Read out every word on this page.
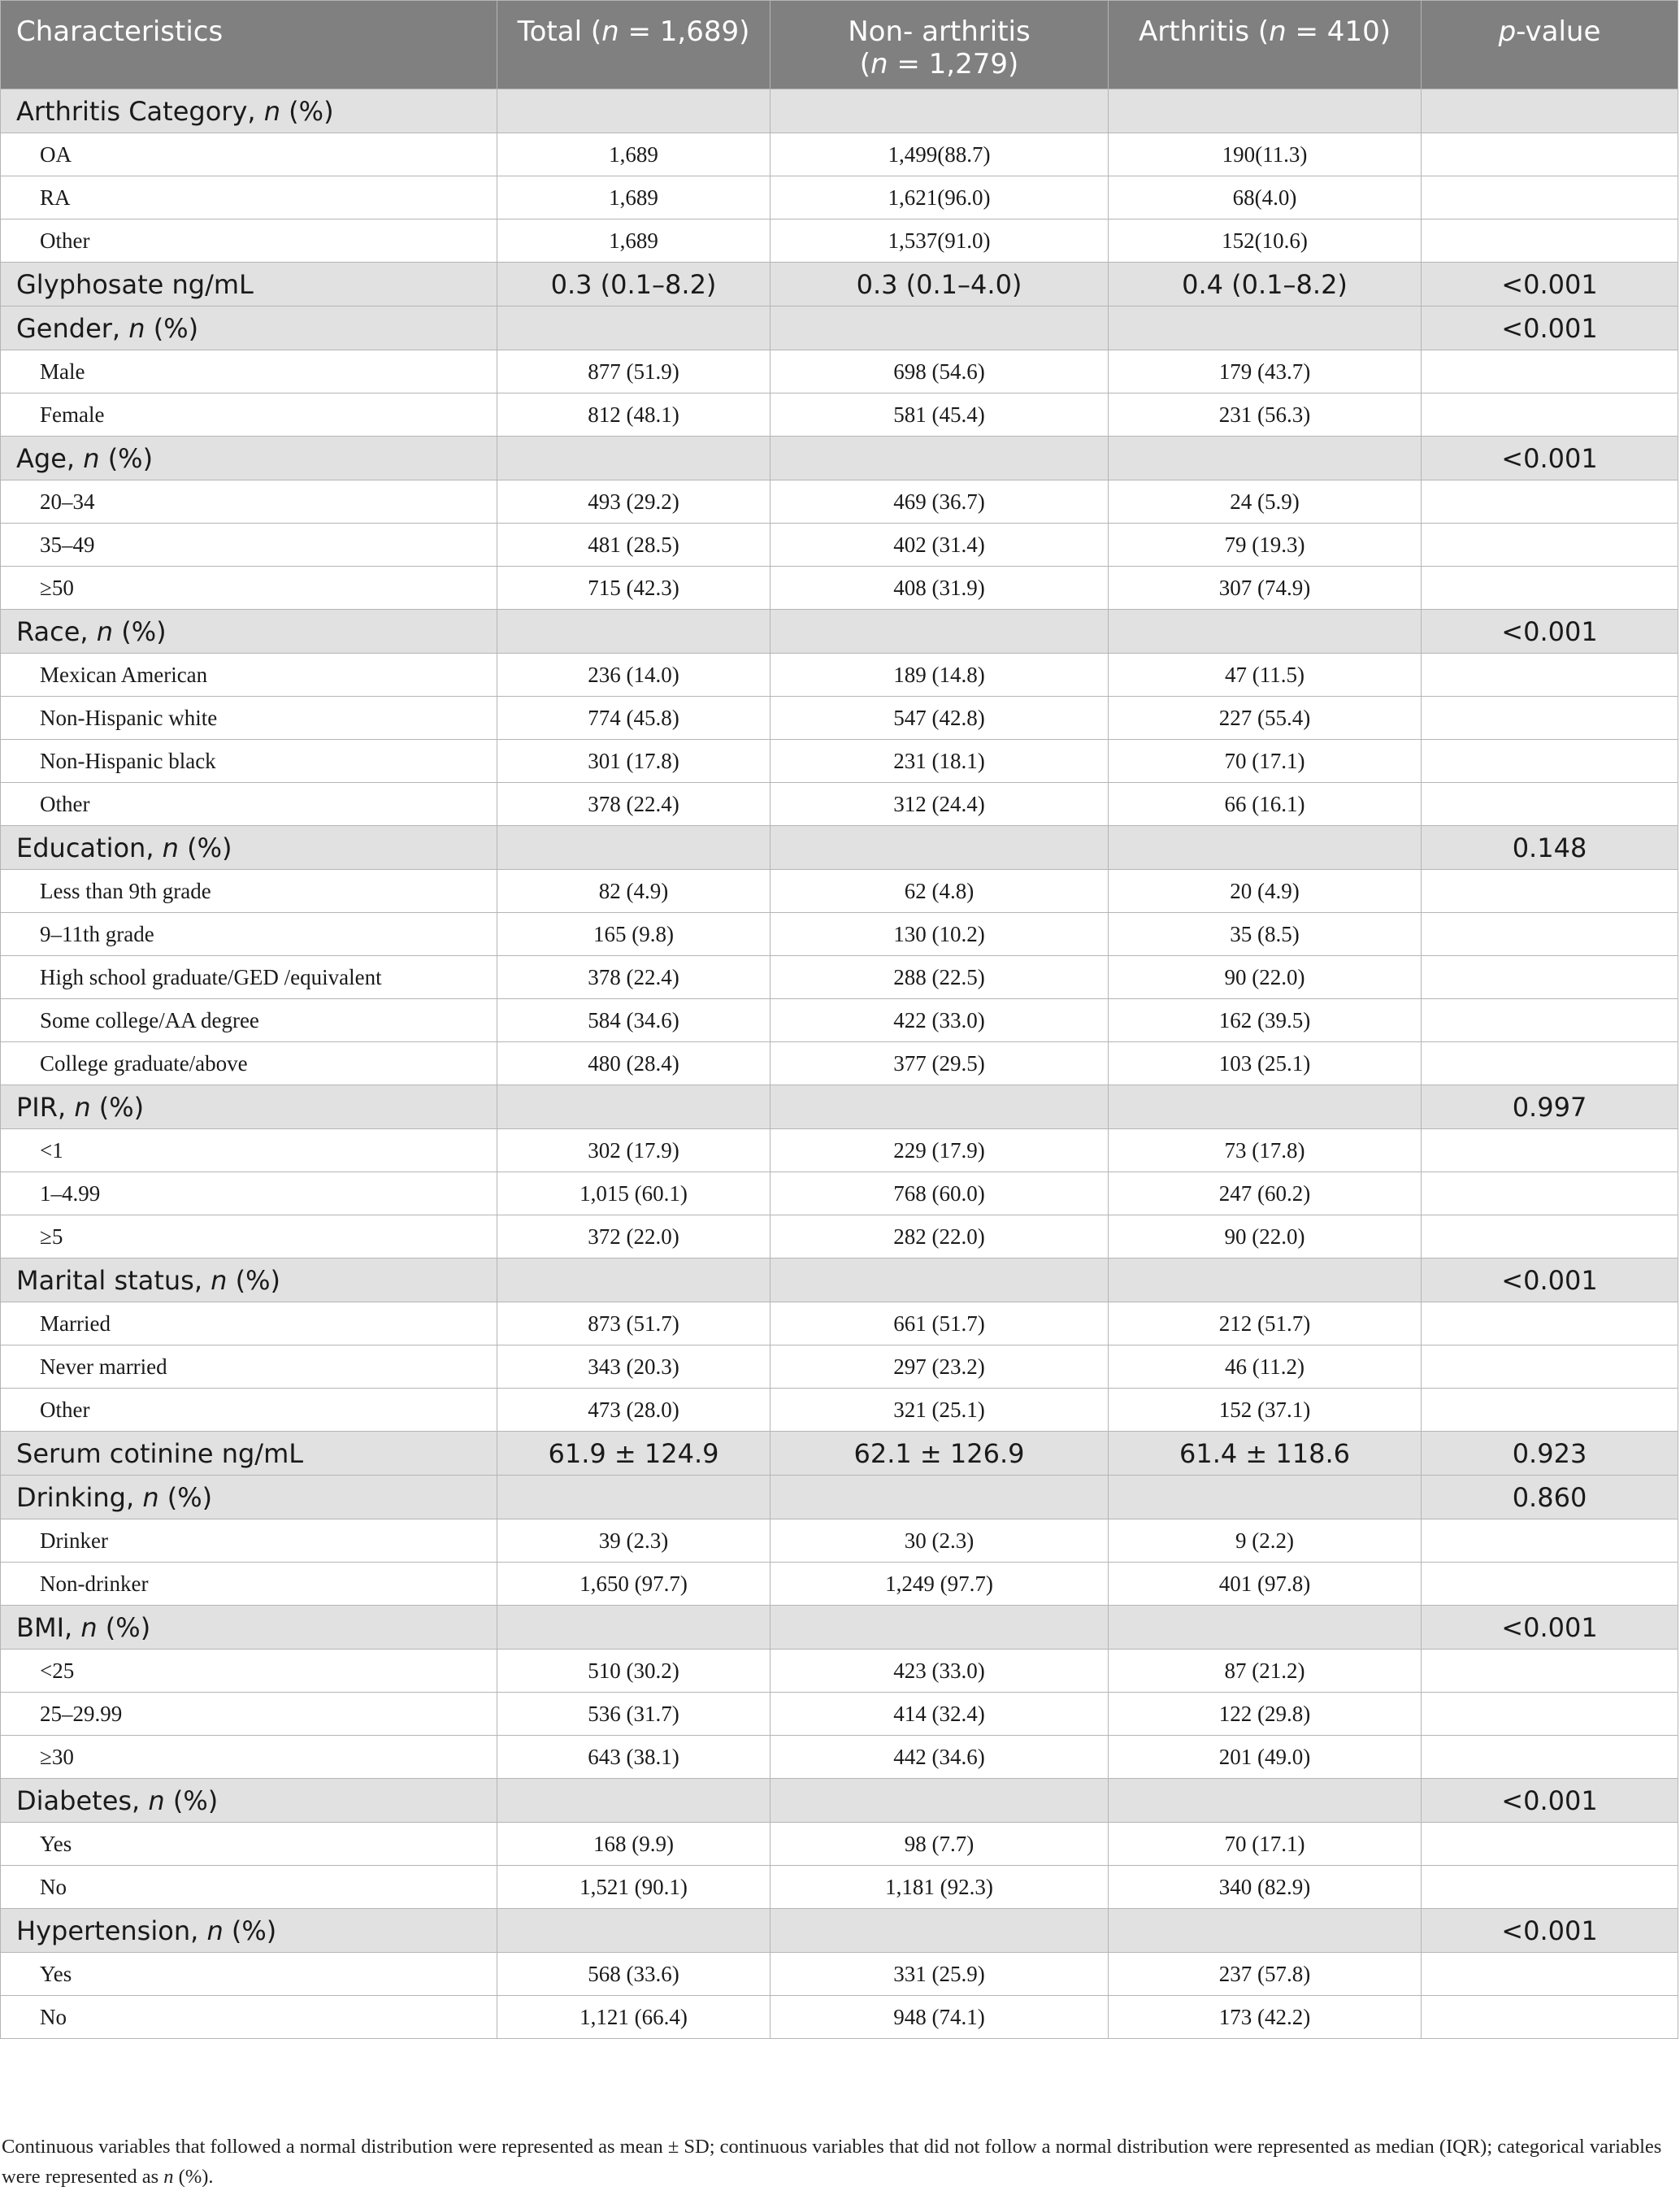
Characteristics	Total (n = 1,689)	Non- arthritis
(n = 1,279)	Arthritis (n = 410)	p-value

Arthritis Category, n (%)				
OA	1,689	1,499(88.7)	190(11.3)	
RA	1,689	1,621(96.0)	68(4.0)	
Other	1,689	1,537(91.0)	152(10.6)	
Glyphosate ng/mL	0.3 (0.1–8.2)	0.3 (0.1–4.0)	0.4 (0.1–8.2)	<0.001
Gender, n (%)				<0.001
Male	877 (51.9)	698 (54.6)	179 (43.7)	
Female	812 (48.1)	581 (45.4)	231 (56.3)	
Age, n (%)				<0.001
20–34	493 (29.2)	469 (36.7)	24 (5.9)	
35–49	481 (28.5)	402 (31.4)	79 (19.3)	
≥50	715 (42.3)	408 (31.9)	307 (74.9)	
Race, n (%)				<0.001
Mexican American	236 (14.0)	189 (14.8)	47 (11.5)	
Non-Hispanic white	774 (45.8)	547 (42.8)	227 (55.4)	
Non-Hispanic black	301 (17.8)	231 (18.1)	70 (17.1)	
Other	378 (22.4)	312 (24.4)	66 (16.1)	
Education, n (%)				0.148
Less than 9th grade	82 (4.9)	62 (4.8)	20 (4.9)	
9–11th grade	165 (9.8)	130 (10.2)	35 (8.5)	
High school graduate/GED /equivalent	378 (22.4)	288 (22.5)	90 (22.0)	
Some college/AA degree	584 (34.6)	422 (33.0)	162 (39.5)	
College graduate/above	480 (28.4)	377 (29.5)	103 (25.1)	
PIR, n (%)				0.997
<1	302 (17.9)	229 (17.9)	73 (17.8)	
1–4.99	1,015 (60.1)	768 (60.0)	247 (60.2)	
≥5	372 (22.0)	282 (22.0)	90 (22.0)	
Marital status, n (%)				<0.001
Married	873 (51.7)	661 (51.7)	212 (51.7)	
Never married	343 (20.3)	297 (23.2)	46 (11.2)	
Other	473 (28.0)	321 (25.1)	152 (37.1)	
Serum cotinine ng/mL	61.9 ± 124.9	62.1 ± 126.9	61.4 ± 118.6	0.923
Drinking, n (%)				0.860
Drinker	39 (2.3)	30 (2.3)	9 (2.2)	
Non-drinker	1,650 (97.7)	1,249 (97.7)	401 (97.8)	
BMI, n (%)				<0.001
<25	510 (30.2)	423 (33.0)	87 (21.2)	
25–29.99	536 (31.7)	414 (32.4)	122 (29.8)	
≥30	643 (38.1)	442 (34.6)	201 (49.0)	
Diabetes, n (%)				<0.001
Yes	168 (9.9)	98 (7.7)	70 (17.1)	
No	1,521 (90.1)	1,181 (92.3)	340 (82.9)	
Hypertension, n (%)				<0.001
Yes	568 (33.6)	331 (25.9)	237 (57.8)	
No	1,121 (66.4)	948 (74.1)	173 (42.2)	
Continuous variables that followed a normal distribution were represented as mean ± SD; continuous variables that did not follow a normal distribution were represented as median (IQR); categorical variables were represented as n (%).
